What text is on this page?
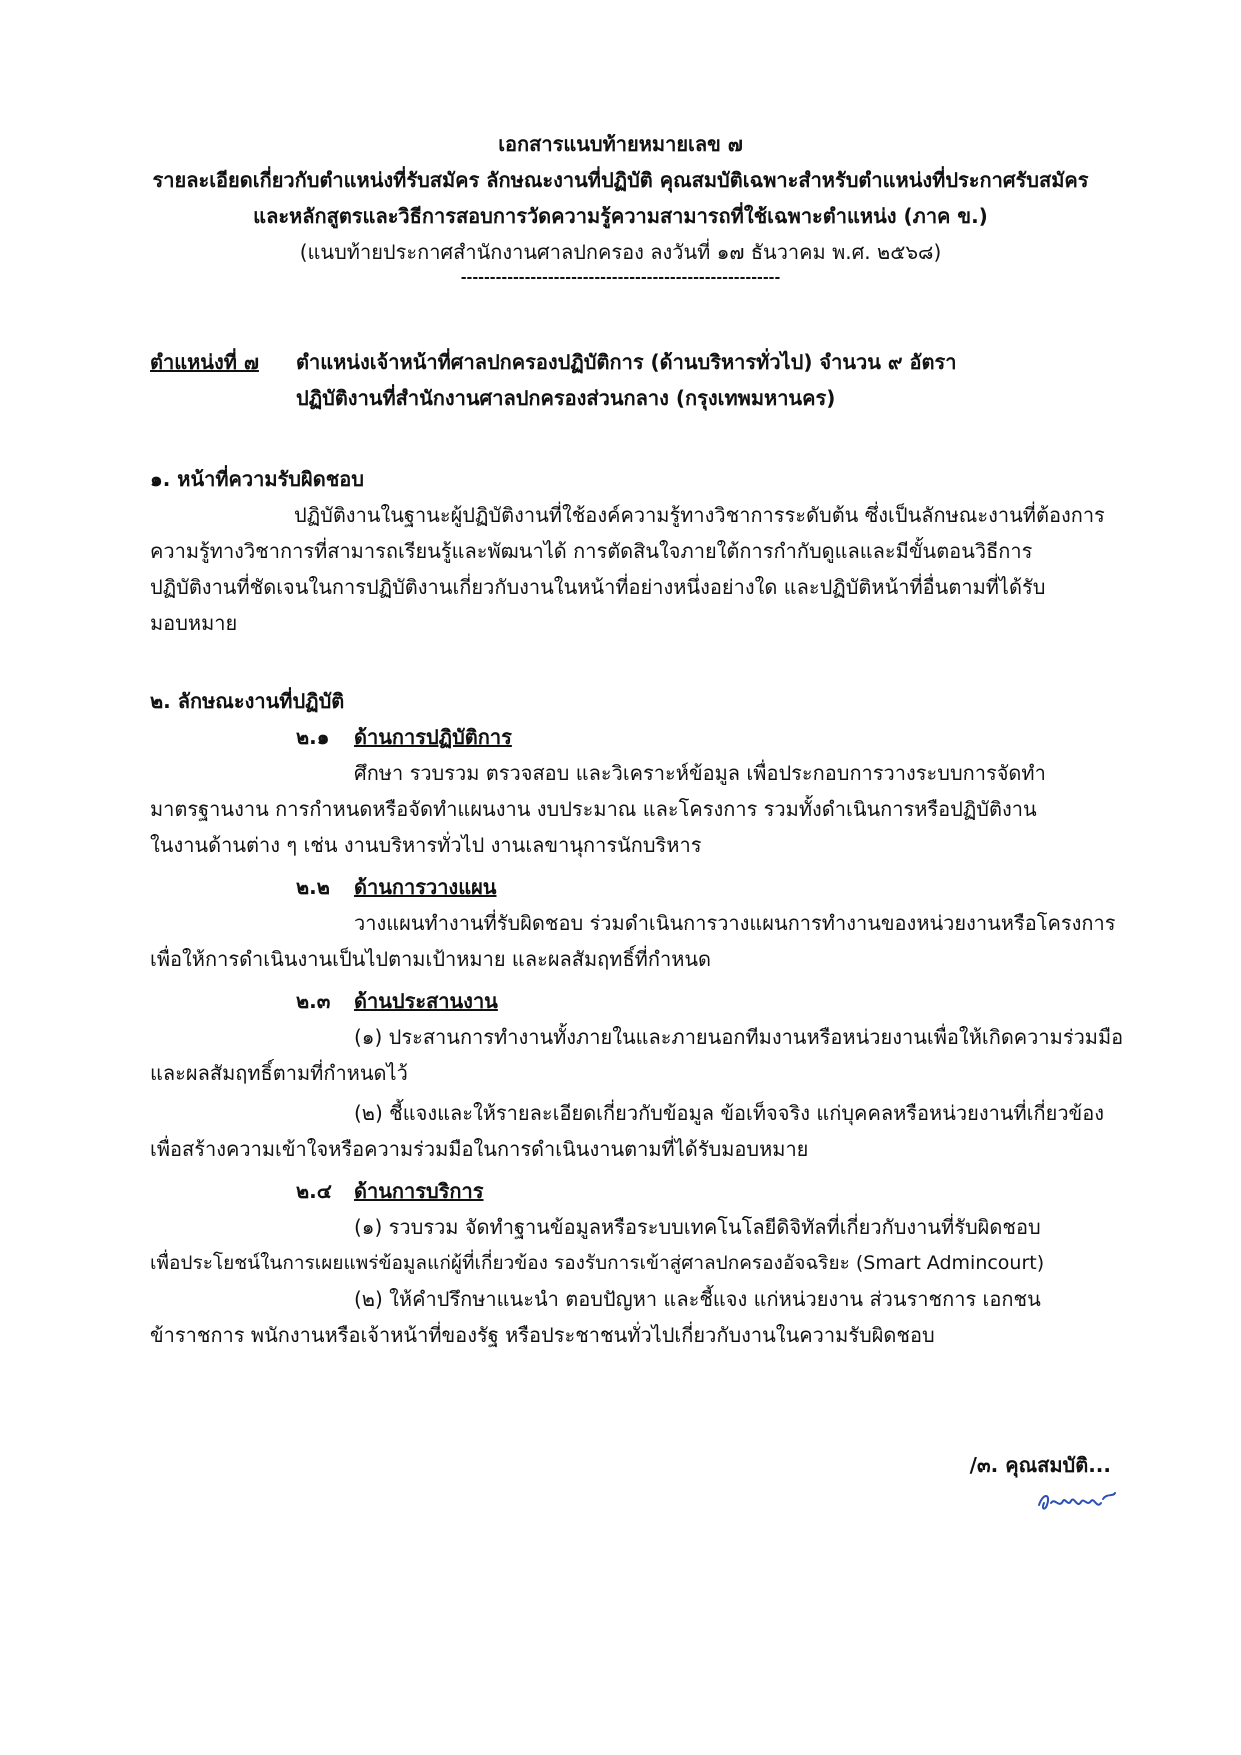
เอกสารแนบท้ายหมายเลข ๗
รายละเอียดเกี่ยวกับตำแหน่งที่รับสมัคร ลักษณะงานที่ปฏิบัติ คุณสมบัติเฉพาะสำหรับตำแหน่งที่ประกาศรับสมัคร
และหลักสูตรและวิธีการสอบการวัดความรู้ความสามารถที่ใช้เฉพาะตำแหน่ง (ภาค ข.)
(แนบท้ายประกาศสำนักงานศาลปกครอง ลงวันที่ ๑๗ ธันวาคม พ.ศ. ๒๕๖๘)
-------------------------------------------------------
ตำแหน่งที่ ๗ ตำแหน่งเจ้าหน้าที่ศาลปกครองปฏิบัติการ (ด้านบริหารทั่วไป) จำนวน ๙ อัตรา
ปฏิบัติงานที่สำนักงานศาลปกครองส่วนกลาง (กรุงเทพมหานคร)
๑. หน้าที่ความรับผิดชอบ
ปฏิบัติงานในฐานะผู้ปฏิบัติงานที่ใช้องค์ความรู้ทางวิชาการระดับต้น ซึ่งเป็นลักษณะงานที่ต้องการ
ความรู้ทางวิชาการที่สามารถเรียนรู้และพัฒนาได้ การตัดสินใจภายใต้การกำกับดูแลและมีขั้นตอนวิธีการ
ปฏิบัติงานที่ชัดเจนในการปฏิบัติงานเกี่ยวกับงานในหน้าที่อย่างหนึ่งอย่างใด และปฏิบัติหน้าที่อื่นตามที่ได้รับ
มอบหมาย
๒. ลักษณะงานที่ปฏิบัติ
๒.๑ ด้านการปฏิบัติการ
ศึกษา รวบรวม ตรวจสอบ และวิเคราะห์ข้อมูล เพื่อประกอบการวางระบบการจัดทำ
มาตรฐานงาน การกำหนดหรือจัดทำแผนงาน งบประมาณ และโครงการ รวมทั้งดำเนินการหรือปฏิบัติงาน
ในงานด้านต่าง ๆ เช่น งานบริหารทั่วไป งานเลขานุการนักบริหาร
๒.๒ ด้านการวางแผน
วางแผนทำงานที่รับผิดชอบ ร่วมดำเนินการวางแผนการทำงานของหน่วยงานหรือโครงการ
เพื่อให้การดำเนินงานเป็นไปตามเป้าหมาย และผลสัมฤทธิ์ที่กำหนด
๒.๓ ด้านประสานงาน
(๑) ประสานการทำงานทั้งภายในและภายนอกทีมงานหรือหน่วยงานเพื่อให้เกิดความร่วมมือ
และผลสัมฤทธิ์ตามที่กำหนดไว้
(๒) ชี้แจงและให้รายละเอียดเกี่ยวกับข้อมูล ข้อเท็จจริง แก่บุคคลหรือหน่วยงานที่เกี่ยวข้อง
เพื่อสร้างความเข้าใจหรือความร่วมมือในการดำเนินงานตามที่ได้รับมอบหมาย
๒.๔ ด้านการบริการ
(๑) รวบรวม จัดทำฐานข้อมูลหรือระบบเทคโนโลยีดิจิทัลที่เกี่ยวกับงานที่รับผิดชอบ
เพื่อประโยชน์ในการเผยแพร่ข้อมูลแก่ผู้ที่เกี่ยวข้อง รองรับการเข้าสู่ศาลปกครองอัจฉริยะ (Smart Admincourt)
(๒) ให้คำปรึกษาแนะนำ ตอบปัญหา และชี้แจง แก่หน่วยงาน ส่วนราชการ เอกชน
ข้าราชการ พนักงานหรือเจ้าหน้าที่ของรัฐ หรือประชาชนทั่วไปเกี่ยวกับงานในความรับผิดชอบ
/๓. คุณสมบัติ...
